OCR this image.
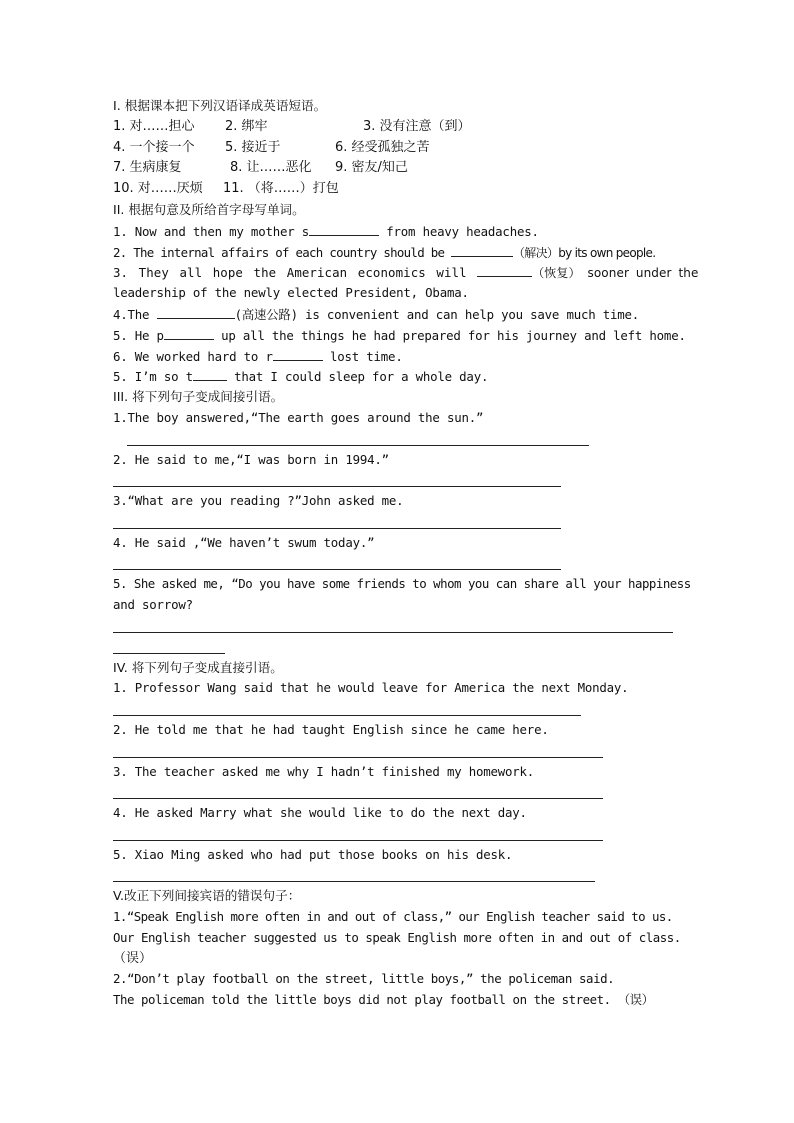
I. 根据课本把下列汉语译成英语短语。
1. 对……担心	2. 绑牢	3. 没有注意（到）
4. 一个接一个	5. 接近于	6. 经受孤独之苦
7. 生病康复	8. 让……恶化	9. 密友/知己
10. 对……厌烦	11. （将……）打包
II. 根据句意及所给首字母写单词。
1. Now and then my mother s	from heavy headaches.
2. The internal affairs of each country should be	（解决）by its own people.
3. They all hope the American economics will	（恢复） sooner under the
leadership of the newly elected President, Obama.
4.The	(高速公路) is convenient and can help you save much time.
5. He p	up all the things he had prepared for his journey and left home.
6. We worked hard to r	lost time.
5. I’m so t	that I could sleep for a whole day.
III. 将下列句子变成间接引语。
1.The boy answered,“The earth goes around the sun.”
2. He said to me,“I was born in 1994.”
3.“What are you reading ?”John asked me.
4. He said ,“We haven’t swum today.”
5. She asked me, “Do you have some friends to whom you can share all your happiness
and sorrow?
IV. 将下列句子变成直接引语。
1. Professor Wang said that he would leave for America the next Monday.
2. He told me that he had taught English since he came here.
3. The teacher asked me why I hadn’t finished my homework.
4. He asked Marry what she would like to do the next day.
5. Xiao Ming asked who had put those books on his desk.
V.改正下列间接宾语的错误句子：
1.“Speak English more often in and out of class,” our English teacher said to us.
Our English teacher suggested us to speak English more often in and out of class.
（误）
2.“Don’t play football on the street, little boys,” the policeman said.
The policeman told the little boys did not play football on the street. （误）
